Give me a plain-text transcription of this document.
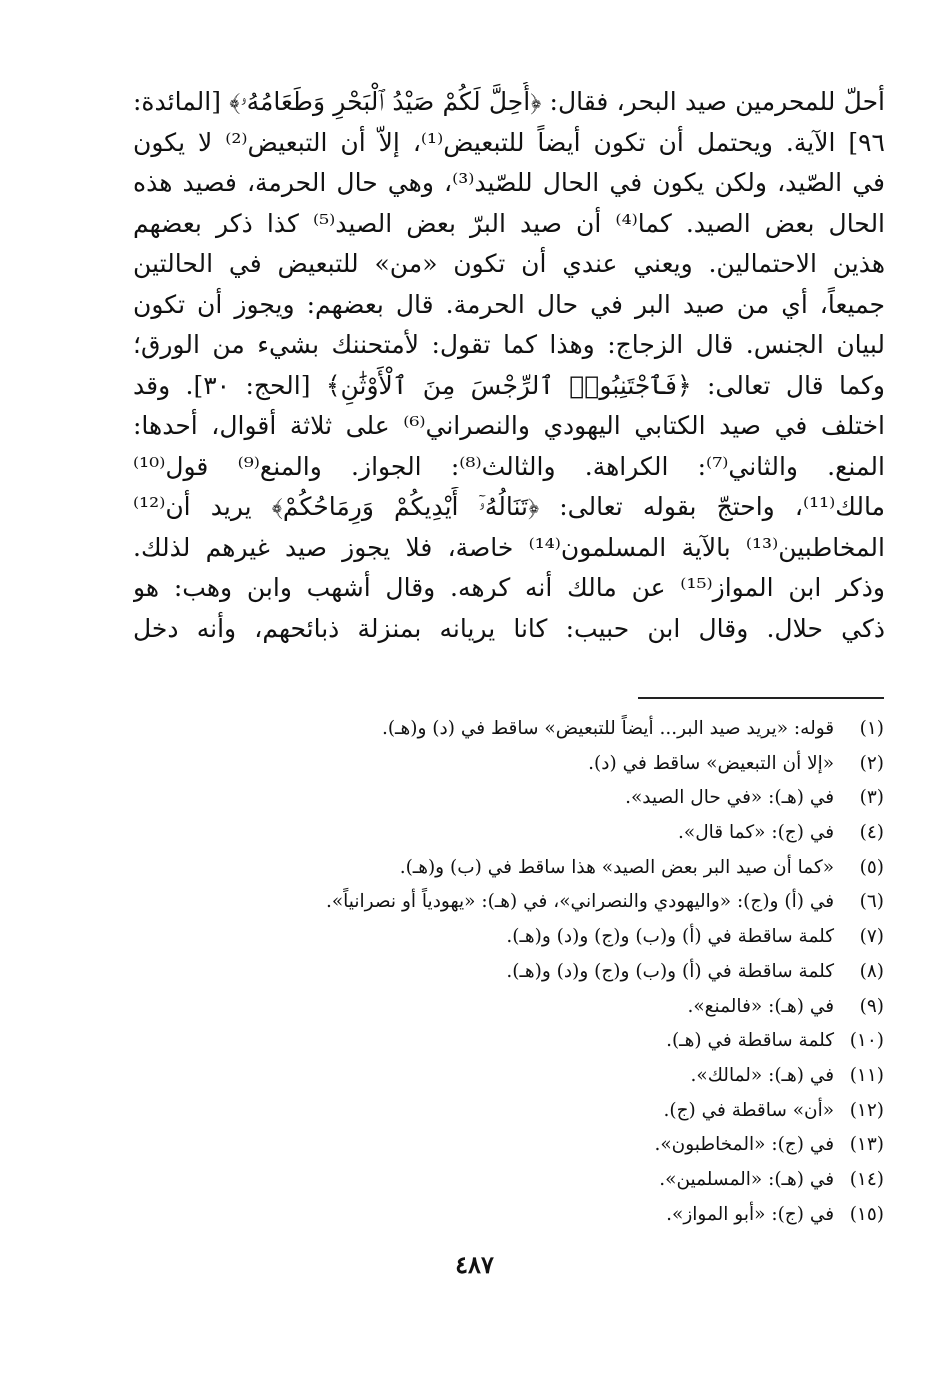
أحلّ للمحرمين صيد البحر، فقال: ﴿أُحِلَّ لَكُمْ صَيْدُ ٱلْبَحْرِ وَطَعَامُهُۥ﴾ [المائدة:
٩٦] الآية. ويحتمل أن تكون أيضاً للتبعيض⁽¹⁾، إلاّ أن التبعيض⁽²⁾ لا يكون
في الصّيد، ولكن يكون في الحال للصّيد⁽³⁾، وهي حال الحرمة، فصيد هذه
الحال بعض الصيد. كما⁽⁴⁾ أن صيد البرّ بعض الصيد⁽⁵⁾ كذا ذكر بعضهم
هذين الاحتمالين. ويعني عندي أن تكون «من» للتبعيض في الحالتين
جميعاً، أي من صيد البر في حال الحرمة. قال بعضهم: ويجوز أن تكون
لبيان الجنس. قال الزجاج: وهذا كما تقول: لأمتحننك بشيء من الورق؛
وكما قال تعالى: ﴿فَٱجْتَنِبُوا۟ ٱلرِّجْسَ مِنَ ٱلْأَوْثَٰنِ﴾ [الحج: ٣٠]. وقد
اختلف في صيد الكتابي اليهودي والنصراني⁽⁶⁾ على ثلاثة أقوال، أحدها:
المنع. والثاني⁽⁷⁾: الكراهة. والثالث⁽⁸⁾: الجواز. والمنع⁽⁹⁾ قول⁽¹⁰⁾
مالك⁽¹¹⁾، واحتجّ بقوله تعالى: ﴿تَنَالُهُۥٓ أَيْدِيكُمْ وَرِمَاحُكُمْ﴾ يريد أن⁽¹²⁾
المخاطبين⁽¹³⁾ بالآية المسلمون⁽¹⁴⁾ خاصة، فلا يجوز صيد غيرهم لذلك.
وذكر ابن المواز⁽¹⁵⁾ عن مالك أنه كرهه. وقال أشهب وابن وهب: هو
ذكي حلال. وقال ابن حبيب: كانا يريانه بمنزلة ذبائحهم، وأنه دخل
(١) قوله: «يريد صيد البر... أيضاً للتبعيض» ساقط في (د) و(هـ).
(٢) «إلا أن التبعيض» ساقط في (د).
(٣) في (هـ): «في حال الصيد».
(٤) في (ج): «كما قال».
(٥) «كما أن صيد البر بعض الصيد» هذا ساقط في (ب) و(هـ).
(٦) في (أ) و(ج): «واليهودي والنصراني»، في (هـ): «يهودياً أو نصرانياً».
(٧) كلمة ساقطة في (أ) و(ب) و(ج) و(د) و(هـ).
(٨) كلمة ساقطة في (أ) و(ب) و(ج) و(د) و(هـ).
(٩) في (هـ): «فالمنع».
(١٠) كلمة ساقطة في (هـ).
(١١) في (هـ): «لمالك».
(١٢) «أن» ساقطة في (ج).
(١٣) في (ج): «المخاطبون».
(١٤) في (هـ): «المسلمين».
(١٥) في (ج): «أبو المواز».
٤٨٧
